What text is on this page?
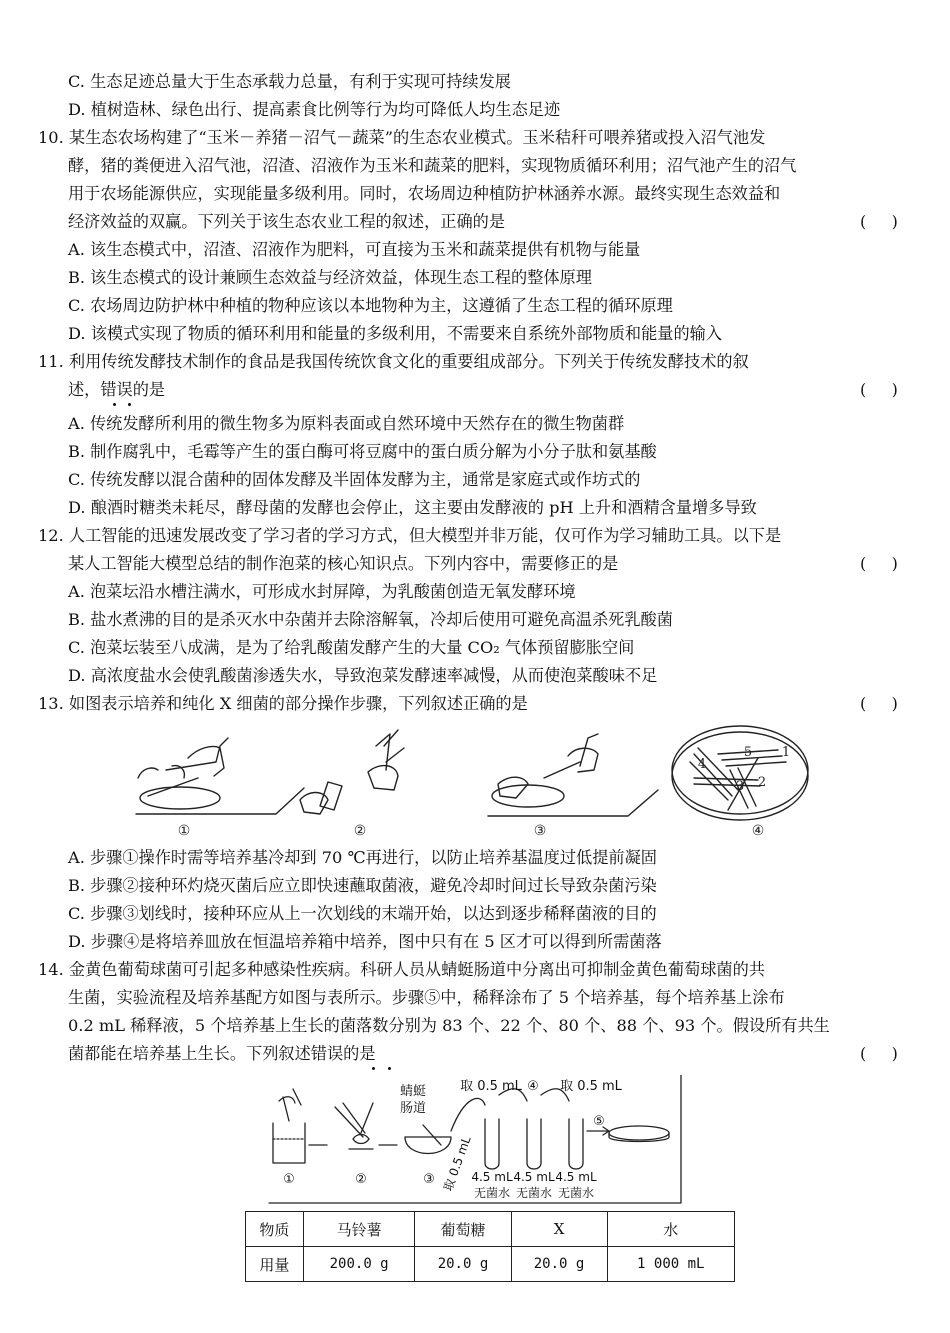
C. 生态足迹总量大于生态承载力总量，有利于实现可持续发展
D. 植树造林、绿色出行、提高素食比例等行为均可降低人均生态足迹
10. 某生态农场构建了“玉米－养猪－沼气－蔬菜”的生态农业模式。玉米秸秆可喂养猪或投入沼气池发
酵，猪的粪便进入沼气池，沼渣、沼液作为玉米和蔬菜的肥料，实现物质循环利用；沼气池产生的沼气
用于农场能源供应，实现能量多级利用。同时，农场周边种植防护林涵养水源。最终实现生态效益和
经济效益的双赢。下列关于该生态农业工程的叙述，正确的是	(     )
A. 该生态模式中，沼渣、沼液作为肥料，可直接为玉米和蔬菜提供有机物与能量
B. 该生态模式的设计兼顾生态效益与经济效益，体现生态工程的整体原理
C. 农场周边防护林中种植的物种应该以本地物种为主，这遵循了生态工程的循环原理
D. 该模式实现了物质的循环利用和能量的多级利用，不需要来自系统外部物质和能量的输入
11. 利用传统发酵技术制作的食品是我国传统饮食文化的重要组成部分。下列关于传统发酵技术的叙
述，错误的是	(     )
A. 传统发酵所利用的微生物多为原料表面或自然环境中天然存在的微生物菌群
B. 制作腐乳中，毛霉等产生的蛋白酶可将豆腐中的蛋白质分解为小分子肽和氨基酸
C. 传统发酵以混合菌种的固体发酵及半固体发酵为主，通常是家庭式或作坊式的
D. 酿酒时糖类未耗尽，酵母菌的发酵也会停止，这主要由发酵液的 pH 上升和酒精含量增多导致
12. 人工智能的迅速发展改变了学习者的学习方式，但大模型并非万能，仅可作为学习辅助工具。以下是
某人工智能大模型总结的制作泡菜的核心知识点。下列内容中，需要修正的是	(     )
A. 泡菜坛沿水槽注满水，可形成水封屏障，为乳酸菌创造无氧发酵环境
B. 盐水煮沸的目的是杀灭水中杂菌并去除溶解氧，冷却后使用可避免高温杀死乳酸菌
C. 泡菜坛装至八成满，是为了给乳酸菌发酵产生的大量 CO₂ 气体预留膨胀空间
D. 高浓度盐水会使乳酸菌渗透失水，导致泡菜发酵速率减慢，从而使泡菜酸味不足
13. 如图表示培养和纯化 X 细菌的部分操作步骤，下列叙述正确的是	(     )
①	②	③	④
1
2
3
4
5
A. 步骤①操作时需等培养基冷却到 70 ℃再进行，以防止培养基温度过低提前凝固
B. 步骤②接种环灼烧灭菌后应立即快速蘸取菌液，避免冷却时间过长导致杂菌污染
C. 步骤③划线时，接种环应从上一次划线的末端开始，以达到逐步稀释菌液的目的
D. 步骤④是将培养皿放在恒温培养箱中培养，图中只有在 5 区才可以得到所需菌落
14. 金黄色葡萄球菌可引起多种感染性疾病。科研人员从蜻蜓肠道中分离出可抑制金黄色葡萄球菌的共
生菌，实验流程及培养基配方如图与表所示。步骤⑤中，稀释涂布了 5 个培养基，每个培养基上涂布
0.2 mL 稀释液，5 个培养基上生长的菌落数分别为 83 个、22 个、80 个、88 个、93 个。假设所有共生
菌都能在培养基上生长。下列叙述错误的是	(     )
取 0.5 mL ④ 取 0.5 mL
蜻蜓
肠道
取 0.5 mL
⑤
①	②	③	4.5 mL 4.5 mL 4.5 mL
无菌水 无菌水 无菌水
物质	马铃薯	葡萄糖	X	水
用量	200.0 g	20.0 g	20.0 g	1 000 mL
